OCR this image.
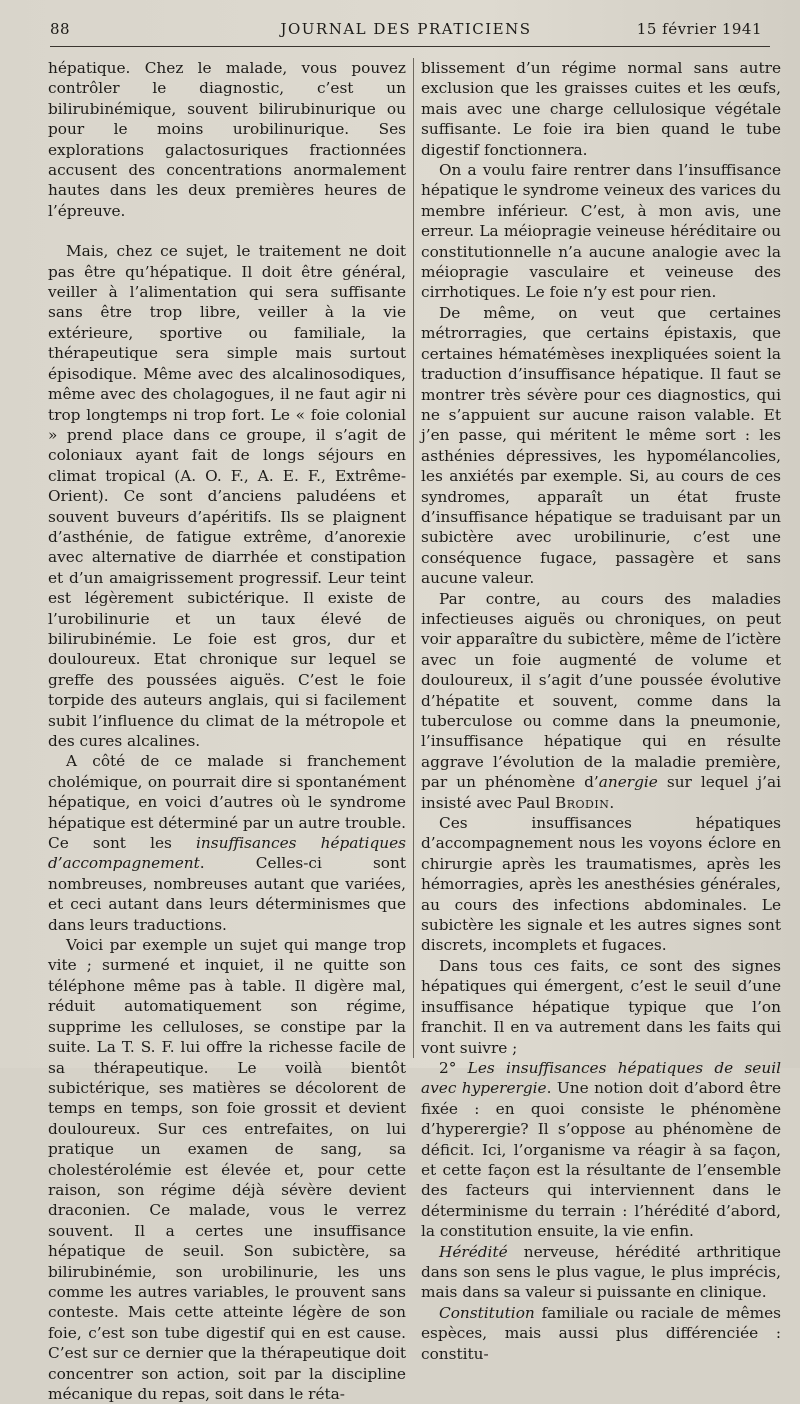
88	JOURNAL DES PRATICIENS	15 février 1941

hépatique. Chez le malade, vous pouvez contrôler le diagnostic, c’est un bilirubinémique, souvent bilirubinurique ou pour le moins urobilinurique. Ses explorations galactosuriques fractionnées accusent des concentrations anormalement hautes dans les deux premières heures de l’épreuve.

Mais, chez ce sujet, le traitement ne doit pas être qu’hépatique. Il doit être général, veiller à l’alimentation qui sera suffisante sans être trop libre, veiller à la vie extérieure, sportive ou familiale, la thérapeutique sera simple mais surtout épisodique. Même avec des alcalinosodiques, même avec des cholagogues, il ne faut agir ni trop longtemps ni trop fort. Le « foie colonial » prend place dans ce groupe, il s’agit de coloniaux ayant fait de longs séjours en climat tropical (A. O. F., A. E. F., Extrême-Orient). Ce sont d’anciens paludéens et souvent buveurs d’apéritifs. Ils se plaignent d’asthénie, de fatigue extrême, d’anorexie avec alternative de diarrhée et constipation et d’un amaigrissement progressif. Leur teint est légèrement subictérique. Il existe de l’urobilinurie et un taux élevé de bilirubinémie. Le foie est gros, dur et douloureux. Etat chronique sur lequel se greffe des poussées aiguës. C’est le foie torpide des auteurs anglais, qui si facilement subit l’influence du climat de la métropole et des cures alcalines.

A côté de ce malade si franchement cholémique, on pourrait dire si spontanément hépatique, en voici d’autres où le syndrome hépatique est déterminé par un autre trouble. Ce sont les insuffisances hépatiques d’accompagnement. Celles-ci sont nombreuses, nombreuses autant que variées, et ceci autant dans leurs déterminismes que dans leurs traductions.

Voici par exemple un sujet qui mange trop vite ; surmené et inquiet, il ne quitte son téléphone même pas à table. Il digère mal, réduit automatiquement son régime, supprime les celluloses, se constipe par la suite. La T. S. F. lui offre la richesse facile de sa thérapeutique. Le voilà bientôt subictérique, ses matières se décolorent de temps en temps, son foie grossit et devient douloureux. Sur ces entrefaites, on lui pratique un examen de sang, sa cholestérolémie est élevée et, pour cette raison, son régime déjà sévère devient draconien. Ce malade, vous le verrez souvent. Il a certes une insuffisance hépatique de seuil. Son subictère, sa bilirubinémie, son urobilinurie, les uns comme les autres variables, le prouvent sans conteste. Mais cette atteinte légère de son foie, c’est son tube digestif qui en est cause. C’est sur ce dernier que la thérapeutique doit concentrer son action, soit par la discipline mécanique du repas, soit dans le réta-

blissement d’un régime normal sans autre exclusion que les graisses cuites et les œufs, mais avec une charge cellulosique végétale suffisante. Le foie ira bien quand le tube digestif fonctionnera.

On a voulu faire rentrer dans l’insuffisance hépatique le syndrome veineux des varices du membre inférieur. C’est, à mon avis, une erreur. La méiopragie veineuse héréditaire ou constitutionnelle n’a aucune analogie avec la méiopragie vasculaire et veineuse des cirrhotiques. Le foie n’y est pour rien.

De même, on veut que certaines métrorragies, que certains épistaxis, que certaines hématémèses inexpliquées soient la traduction d’insuffisance hépatique. Il faut se montrer très sévère pour ces diagnostics, qui ne s’appuient sur aucune raison valable. Et j’en passe, qui méritent le même sort : les asthénies dépressives, les hypomélancolies, les anxiétés par exemple. Si, au cours de ces syndromes, apparaît un état fruste d’insuffisance hépatique se traduisant par un subictère avec urobilinurie, c’est une conséquence fugace, passagère et sans aucune valeur.

Par contre, au cours des maladies infectieuses aiguës ou chroniques, on peut voir apparaître du subictère, même de l’ictère avec un foie augmenté de volume et douloureux, il s’agit d’une poussée évolutive d’hépatite et souvent, comme dans la tuberculose ou comme dans la pneumonie, l’insuffisance hépatique qui en résulte aggrave l’évolution de la maladie première, par un phénomène d’anergie sur lequel j’ai insisté avec Paul Brodin.

Ces insuffisances hépatiques d’accompagnement nous les voyons éclore en chirurgie après les traumatismes, après les hémorragies, après les anesthésies générales, au cours des infections abdominales. Le subictère les signale et les autres signes sont discrets, incomplets et fugaces.

Dans tous ces faits, ce sont des signes hépatiques qui émergent, c’est le seuil d’une insuffisance hépatique typique que l’on franchit. Il en va autrement dans les faits qui vont suivre ;

2° Les insuffisances hépatiques de seuil avec hyperergie. Une notion doit d’abord être fixée : en quoi consiste le phénomène d’hyperergie? Il s’oppose au phénomène de déficit. Ici, l’organisme va réagir à sa façon, et cette façon est la résultante de l’ensemble des facteurs qui interviennent dans le déterminisme du terrain : l’hérédité d’abord, la constitution ensuite, la vie enfin.

Hérédité nerveuse, hérédité arthritique dans son sens le plus vague, le plus imprécis, mais dans sa valeur si puissante en clinique.

Constitution familiale ou raciale de mêmes espèces, mais aussi plus différenciée : constitu-
